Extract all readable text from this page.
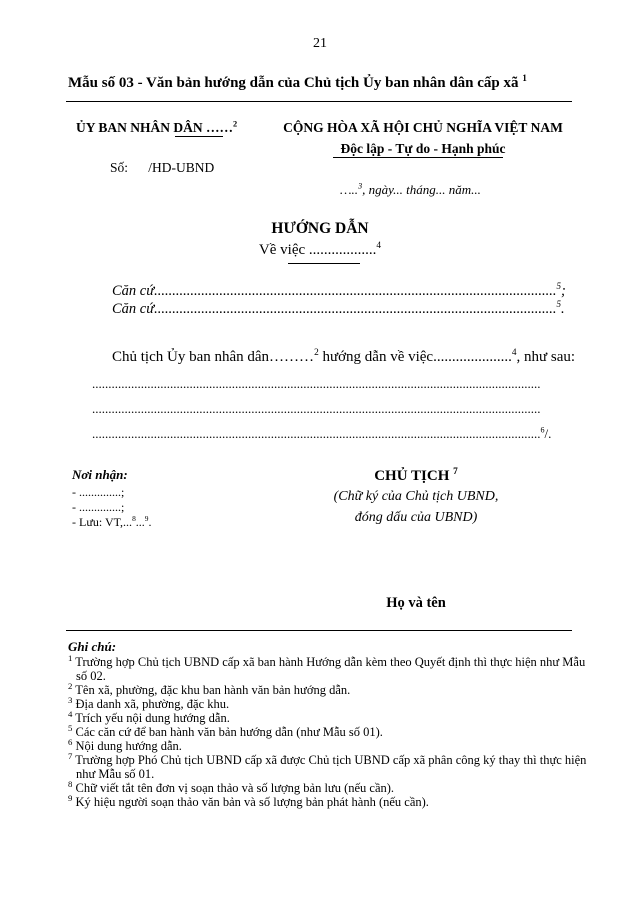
21
Mẫu số 03 - Văn bản hướng dẫn của Chủ tịch Ủy ban nhân dân cấp xã $^1$
ỦY BAN NHÂN DÂN ……$^2$
Số:      /HD-UBND
CỘNG HÒA XÃ HỘI CHỦ NGHĨA VIỆT NAM
Độc lập - Tự do - Hạnh phúc
…..$^3$, ngày... tháng... năm...
HƯỚNG DẪN
Về việc ..................$^4$
Căn cứ...............................................................................................................$^5$;
Căn cứ...............................................................................................................$^5$.
Chủ tịch Ủy ban nhân dân………$^2$ hướng dẫn về việc.....................$^4$, như sau:
..........................................................................................................................................
..........................................................................................................................................
..........................................................................................................................................$^6$/.
Nơi nhận:
- ..............;
- ..............;
- Lưu: VT,...$^8$...$^9$.
CHỦ TỊCH $^7$
(Chữ ký của Chủ tịch UBND,
đóng dấu của UBND)
Họ và tên
Ghi chú:
$^1$ Trường hợp Chủ tịch UBND cấp xã ban hành Hướng dẫn kèm theo Quyết định thì thực hiện như Mẫu số 02.
$^2$ Tên xã, phường, đặc khu ban hành văn bản hướng dẫn.
$^3$ Địa danh xã, phường, đặc khu.
$^4$ Trích yếu nội dung hướng dẫn.
$^5$ Các căn cứ để ban hành văn bản hướng dẫn (như Mẫu số 01).
$^6$ Nội dung hướng dẫn.
$^7$ Trường hợp Phó Chủ tịch UBND cấp xã được Chủ tịch UBND cấp xã phân công ký thay thì thực hiện như Mẫu số 01.
$^8$ Chữ viết tắt tên đơn vị soạn thảo và số lượng bản lưu (nếu cần).
$^9$ Ký hiệu người soạn thảo văn bản và số lượng bản phát hành (nếu cần).
